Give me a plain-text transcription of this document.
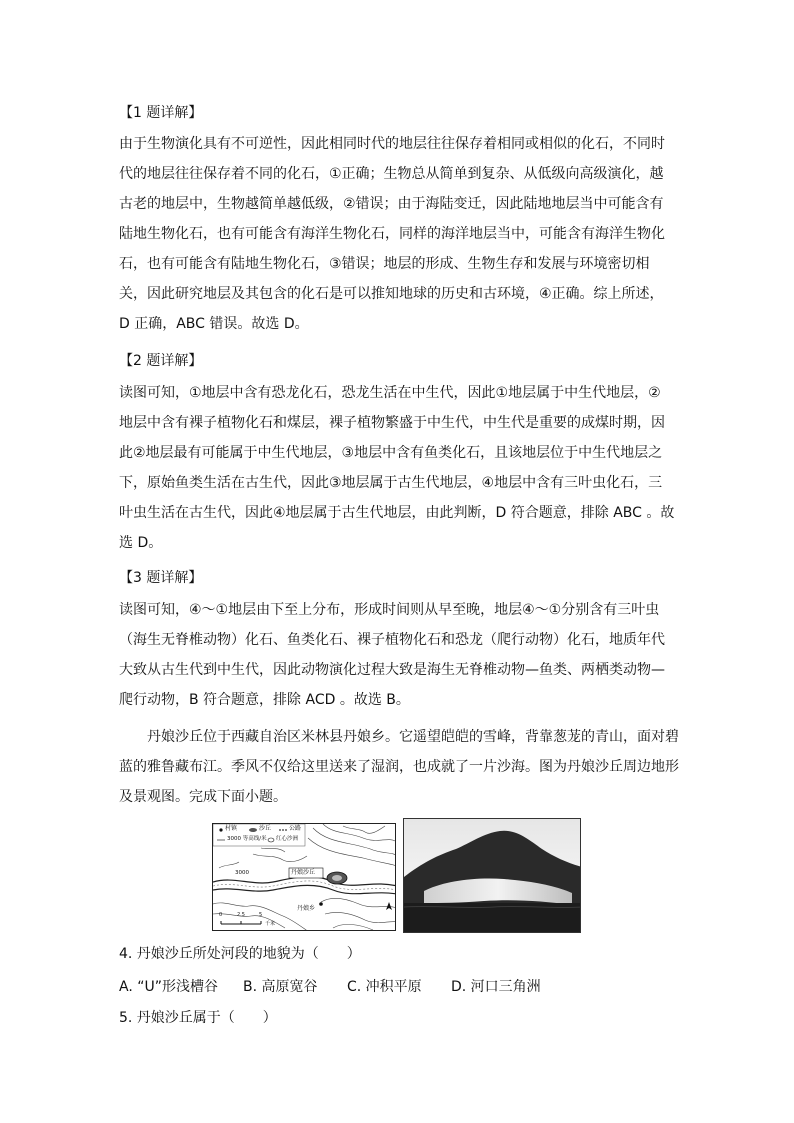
【1 题详解】
由于生物演化具有不可逆性，因此相同时代的地层往往保存着相同或相似的化石，不同时
代的地层往往保存着不同的化石，①正确；生物总从简单到复杂、从低级向高级演化，越
古老的地层中，生物越简单越低级，②错误；由于海陆变迁，因此陆地地层当中可能含有
陆地生物化石，也有可能含有海洋生物化石，同样的海洋地层当中，可能含有海洋生物化
石，也有可能含有陆地生物化石，③错误；地层的形成、生物生存和发展与环境密切相
关，因此研究地层及其包含的化石是可以推知地球的历史和古环境，④正确。综上所述，
D 正确，ABC 错误。故选 D。
【2 题详解】
读图可知，①地层中含有恐龙化石，恐龙生活在中生代，因此①地层属于中生代地层，②
地层中含有裸子植物化石和煤层，裸子植物繁盛于中生代，中生代是重要的成煤时期，因
此②地层最有可能属于中生代地层，③地层中含有鱼类化石，且该地层位于中生代地层之
下，原始鱼类生活在古生代，因此③地层属于古生代地层，④地层中含有三叶虫化石，三
叶虫生活在古生代，因此④地层属于古生代地层，由此判断，D 符合题意，排除 ABC 。故
选 D。
【3 题详解】
读图可知，④～①地层由下至上分布，形成时间则从早至晚，地层④～①分别含有三叶虫
（海生无脊椎动物）化石、鱼类化石、裸子植物化石和恐龙（爬行动物）化石，地质年代
大致从古生代到中生代，因此动物演化过程大致是海生无脊椎动物—鱼类、两栖类动物—
爬行动物，B 符合题意，排除 ACD 。故选 B。
丹娘沙丘位于西藏自治区米林县丹娘乡。它遥望皑皑的雪峰，背靠葱茏的青山，面对碧
蓝的雅鲁藏布江。季风不仅给这里送来了湿润，也成就了一片沙海。图为丹娘沙丘周边地形
及景观图。完成下面小题。
村镇	沙丘	公路
3000 等高线/米 红心沙洲
3000	丹娘沙丘
丹娘乡
0	2.5	5
千米
4. 丹娘沙丘所处河段的地貌为（　　）
A. “U”形浅槽谷 B. 高原宽谷 C. 冲积平原 D. 河口三角洲
5. 丹娘沙丘属于（　　）
